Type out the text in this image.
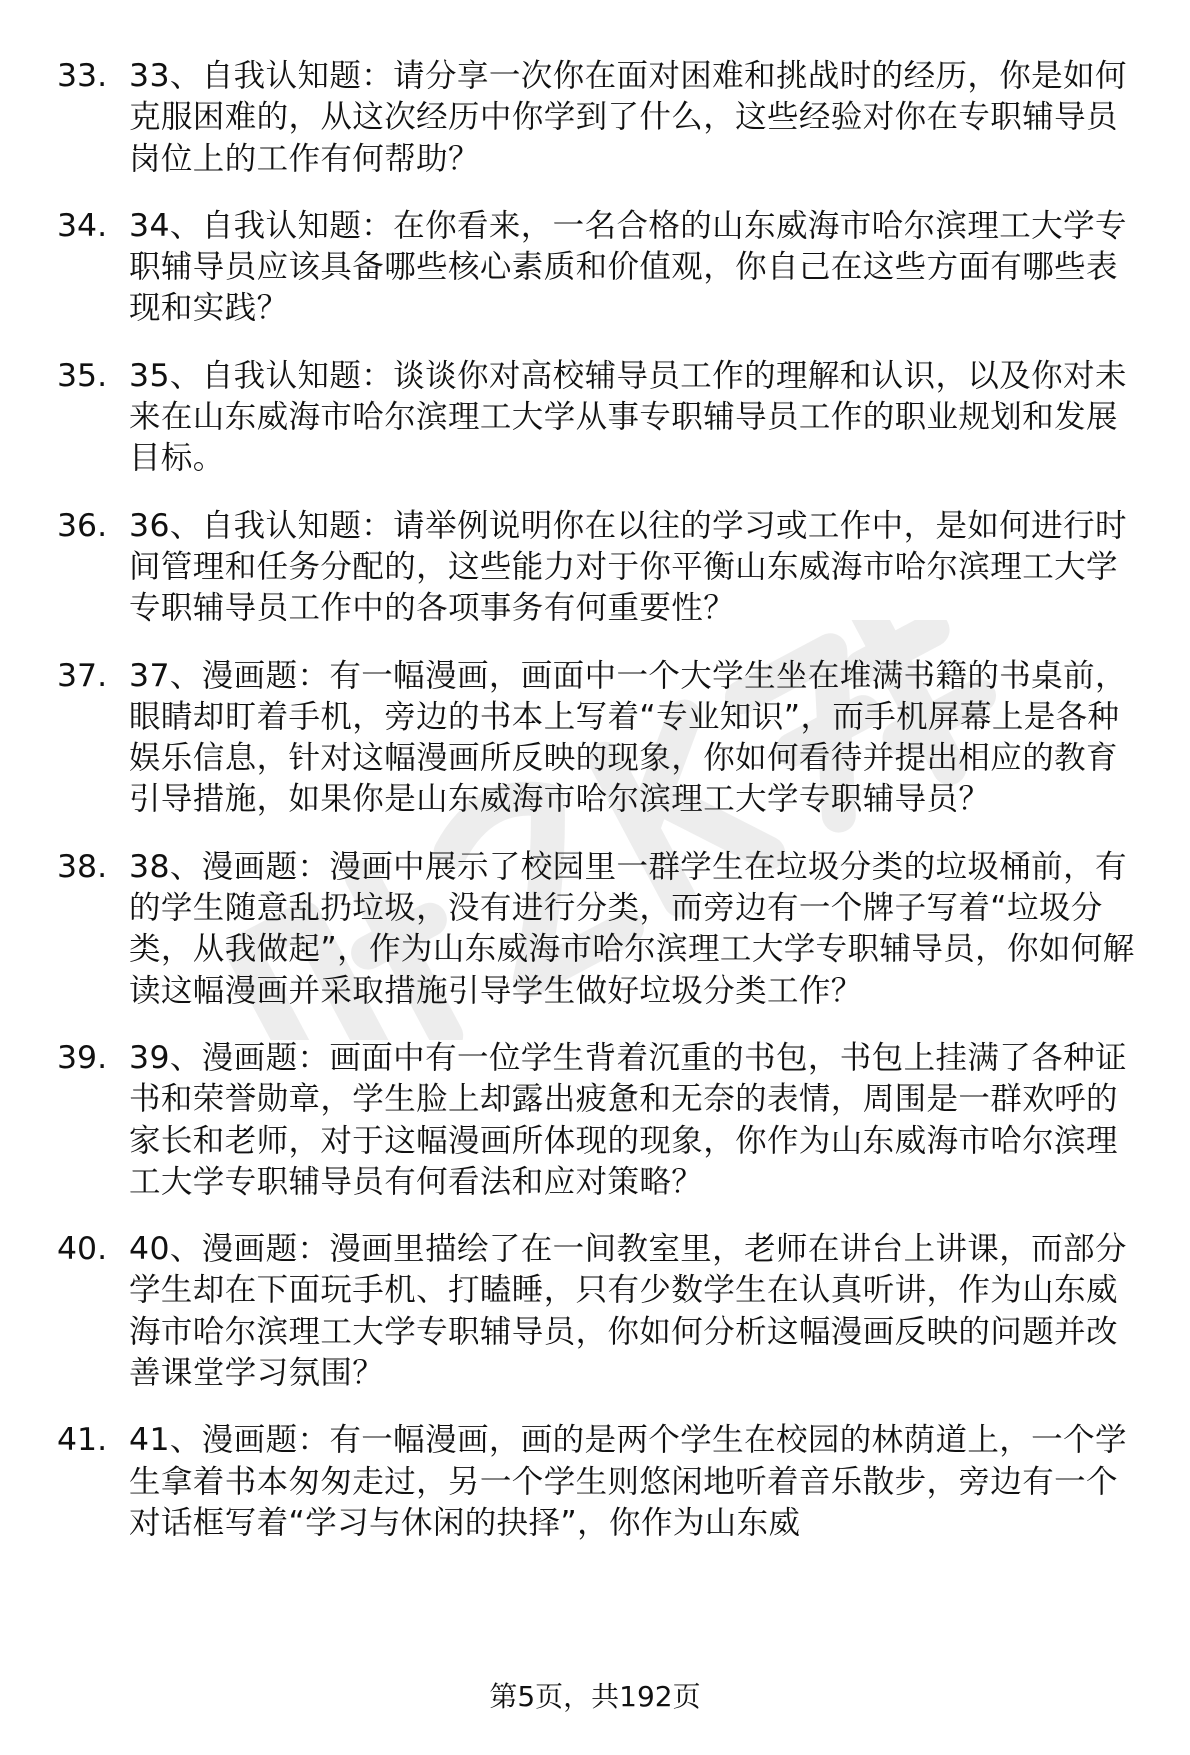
33. 33、自我认知题：请分享一次你在面对困难和挑战时的经历，你是如何克服困难的，从这次经历中你学到了什么，这些经验对你在专职辅导员岗位上的工作有何帮助？
34. 34、自我认知题：在你看来，一名合格的山东威海市哈尔滨理工大学专职辅导员应该具备哪些核心素质和价值观，你自己在这些方面有哪些表现和实践？
35. 35、自我认知题：谈谈你对高校辅导员工作的理解和认识，以及你对未来在山东威海市哈尔滨理工大学从事专职辅导员工作的职业规划和发展目标。
36. 36、自我认知题：请举例说明你在以往的学习或工作中，是如何进行时间管理和任务分配的，这些能力对于你平衡山东威海市哈尔滨理工大学专职辅导员工作中的各项事务有何重要性？
37. 37、漫画题：有一幅漫画，画面中一个大学生坐在堆满书籍的书桌前，眼睛却盯着手机，旁边的书本上写着“专业知识”，而手机屏幕上是各种娱乐信息，针对这幅漫画所反映的现象，你如何看待并提出相应的教育引导措施，如果你是山东威海市哈尔滨理工大学专职辅导员？
38. 38、漫画题：漫画中展示了校园里一群学生在垃圾分类的垃圾桶前，有的学生随意乱扔垃圾，没有进行分类，而旁边有一个牌子写着“垃圾分类，从我做起”，作为山东威海市哈尔滨理工大学专职辅导员，你如何解读这幅漫画并采取措施引导学生做好垃圾分类工作？
39. 39、漫画题：画面中有一位学生背着沉重的书包，书包上挂满了各种证书和荣誉勋章，学生脸上却露出疲惫和无奈的表情，周围是一群欢呼的家长和老师，对于这幅漫画所体现的现象，你作为山东威海市哈尔滨理工大学专职辅导员有何看法和应对策略？
40. 40、漫画题：漫画里描绘了在一间教室里，老师在讲台上讲课，而部分学生却在下面玩手机、打瞌睡，只有少数学生在认真听讲，作为山东威海市哈尔滨理工大学专职辅导员，你如何分析这幅漫画反映的问题并改善课堂学习氛围？
41. 41、漫画题：有一幅漫画，画的是两个学生在校园的林荫道上，一个学生拿着书本匆匆走过，另一个学生则悠闲地听着音乐散步，旁边有一个对话框写着“学习与休闲的抉择”，你作为山东威
第5页，共192页
